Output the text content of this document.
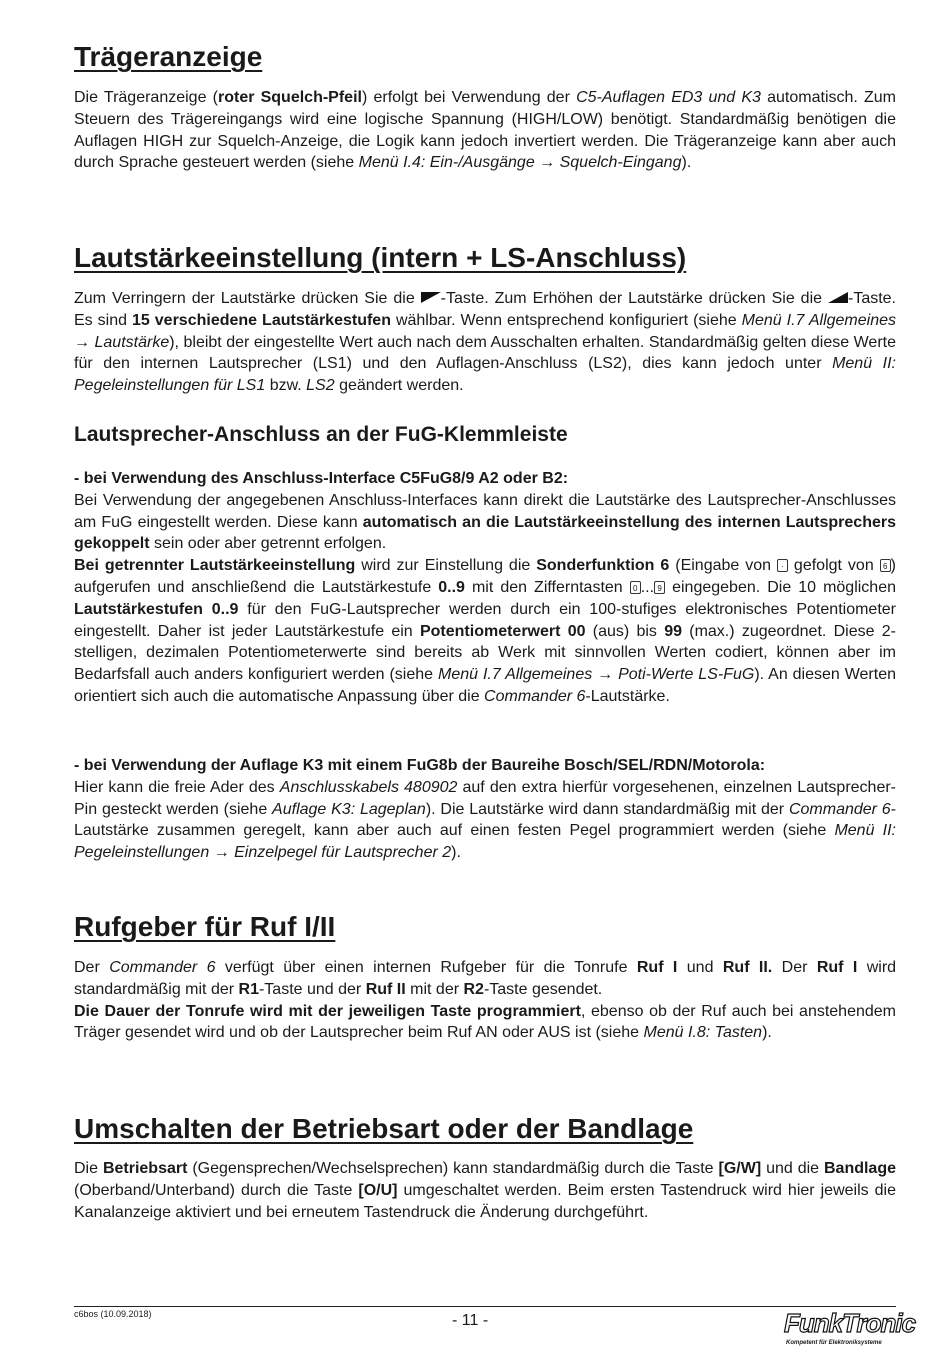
Trägeranzeige

Die Trägeranzeige (roter Squelch-Pfeil) erfolgt bei Verwendung der C5-Auflagen ED3 und K3 automatisch. Zum Steuern des Trägereingangs wird eine logische Spannung (HIGH/LOW) benötigt. Standardmäßig benötigen die Auflagen HIGH zur Squelch-Anzeige, die Logik kann jedoch invertiert werden. Die Trägeranzeige kann aber auch durch Sprache gesteuert werden (siehe Menü I.4: Ein-/Ausgänge → Squelch-Eingang).

Lautstärkeeinstellung (intern + LS-Anschluss)

Zum Verringern der Lautstärke drücken Sie die -Taste. Zum Erhöhen der Lautstärke drücken Sie die -Taste. Es sind 15 verschiedene Lautstärkestufen wählbar. Wenn entsprechend konfiguriert (siehe Menü I.7 Allgemeines → Lautstärke), bleibt der eingestellte Wert auch nach dem Ausschalten erhalten. Standardmäßig gelten diese Werte für den internen Lautsprecher (LS1) und den Auflagen-Anschluss (LS2), dies kann jedoch unter Menü II: Pegeleinstellungen für LS1 bzw. LS2 geändert werden.

Lautsprecher-Anschluss an der FuG-Klemmleiste

- bei Verwendung des Anschluss-Interface C5FuG8/9 A2 oder B2:

Bei Verwendung der angegebenen Anschluss-Interfaces kann direkt die Lautstärke des Lautsprecher-Anschlusses am FuG eingestellt werden. Diese kann automatisch an die Lautstärkeeinstellung des internen Lautsprechers gekoppelt sein oder aber getrennt erfolgen.

Bei getrennter Lautstärkeeinstellung wird zur Einstellung die Sonderfunktion 6 (Eingabe von · gefolgt von 6 ) aufgerufen und anschließend die Lautstärkestufe 0..9 mit den Zifferntasten 0 ... 9 eingegeben. Die 10 möglichen Lautstärkestufen 0..9 für den FuG-Lautsprecher werden durch ein 100-stufiges elektronisches Potentiometer eingestellt. Daher ist jeder Lautstärkestufe ein Potentiometerwert 00 (aus) bis 99 (max.) zugeordnet. Diese 2-stelligen, dezimalen Potentiometerwerte sind bereits ab Werk mit sinnvollen Werten codiert, können aber im Bedarfsfall auch anders konfiguriert werden (siehe Menü I.7 Allgemeines → Poti-Werte LS-FuG). An diesen Werten orientiert sich auch die automatische Anpassung über die Commander 6-Lautstärke.

- bei Verwendung der Auflage K3 mit einem FuG8b der Baureihe Bosch/SEL/RDN/Motorola:

Hier kann die freie Ader des Anschlusskabels 480902 auf den extra hierfür vorgesehenen, einzelnen Lautsprecher-Pin gesteckt werden (siehe Auflage K3: Lageplan). Die Lautstärke wird dann standardmäßig mit der Commander 6-Lautstärke zusammen geregelt, kann aber auch auf einen festen Pegel programmiert werden (siehe Menü II: Pegeleinstellungen → Einzelpegel für Lautsprecher 2).

Rufgeber für Ruf I/II

Der Commander 6 verfügt über einen internen Rufgeber für die Tonrufe Ruf I und Ruf II. Der Ruf I wird standardmäßig mit der R1-Taste und der Ruf II mit der R2-Taste gesendet.

Die Dauer der Tonrufe wird mit der jeweiligen Taste programmiert, ebenso ob der Ruf auch bei anstehendem Träger gesendet wird und ob der Lautsprecher beim Ruf AN oder AUS ist (siehe Menü I.8: Tasten).

Umschalten der Betriebsart oder der Bandlage

Die Betriebsart (Gegensprechen/Wechselsprechen) kann standardmäßig durch die Taste [G/W] und die Bandlage (Oberband/Unterband) durch die Taste [O/U] umgeschaltet werden. Beim ersten Tastendruck wird hier jeweils die Kanalanzeige aktiviert und bei erneutem Tastendruck die Änderung durchgeführt.

c6bos (10.09.2018)	- 11 -	FunkTronic
Kompetent für Elektroniksysteme
